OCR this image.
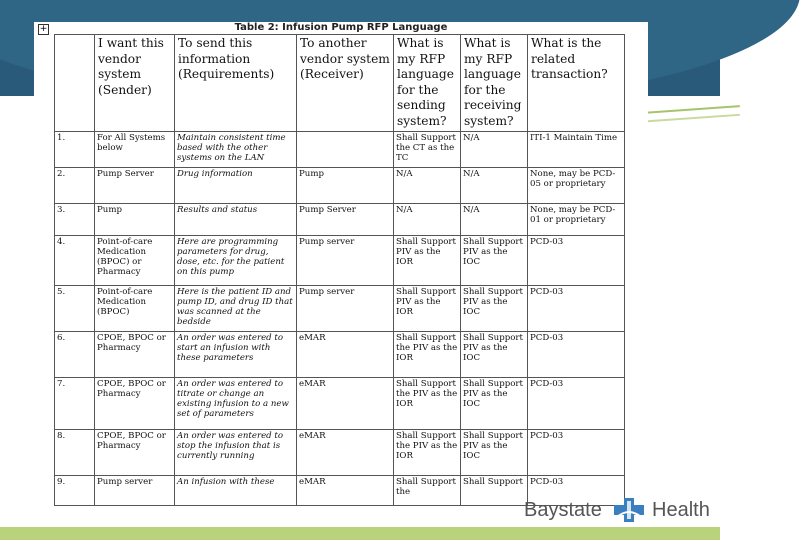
+	Table 2: Infusion Pump RFP Language
	I want this vendor system (Sender)	To send this information (Requirements)	To another vendor system (Receiver)	What is my RFP language for the sending system?	What is my RFP language for the receiving system?	What is the related transaction?
1.	For All Systems below	Maintain consistent time based with the other systems on the LAN		Shall Support the CT as the TC	N/A	ITI-1 Maintain Time
2.	Pump Server	Drug information	Pump	N/A	N/A	None, may be PCD-05 or proprietary
3.	Pump	Results and status	Pump Server	N/A	N/A	None, may be PCD-01 or proprietary
4.	Point-of-care Medication (BPOC) or Pharmacy	Here are programming parameters for drug, dose, etc. for the patient on this pump	Pump server	Shall Support PIV as the IOR	Shall Support PIV as the IOC	PCD-03
5.	Point-of-care Medication (BPOC)	Here is the patient ID and pump ID, and drug ID that was scanned at the bedside	Pump server	Shall Support PIV as the IOR	Shall Support PIV as the IOC	PCD-03
6.	CPOE, BPOC or Pharmacy	An order was entered to start an infusion with these parameters	eMAR	Shall Support the PIV as the IOR	Shall Support PIV as the IOC	PCD-03
7.	CPOE, BPOC or Pharmacy	An order was entered to titrate or change an existing infusion to a new set of parameters	eMAR	Shall Support the PIV as the IOR	Shall Support PIV as the IOC	PCD-03
8.	CPOE, BPOC or Pharmacy	An order was entered to stop the infusion that is currently running	eMAR	Shall Support the PIV as the IOR	Shall Support PIV as the IOC	PCD-03
9.	Pump server	An infusion with these	eMAR	Shall Support the	Shall Support	PCD-03
Baystate	Health
